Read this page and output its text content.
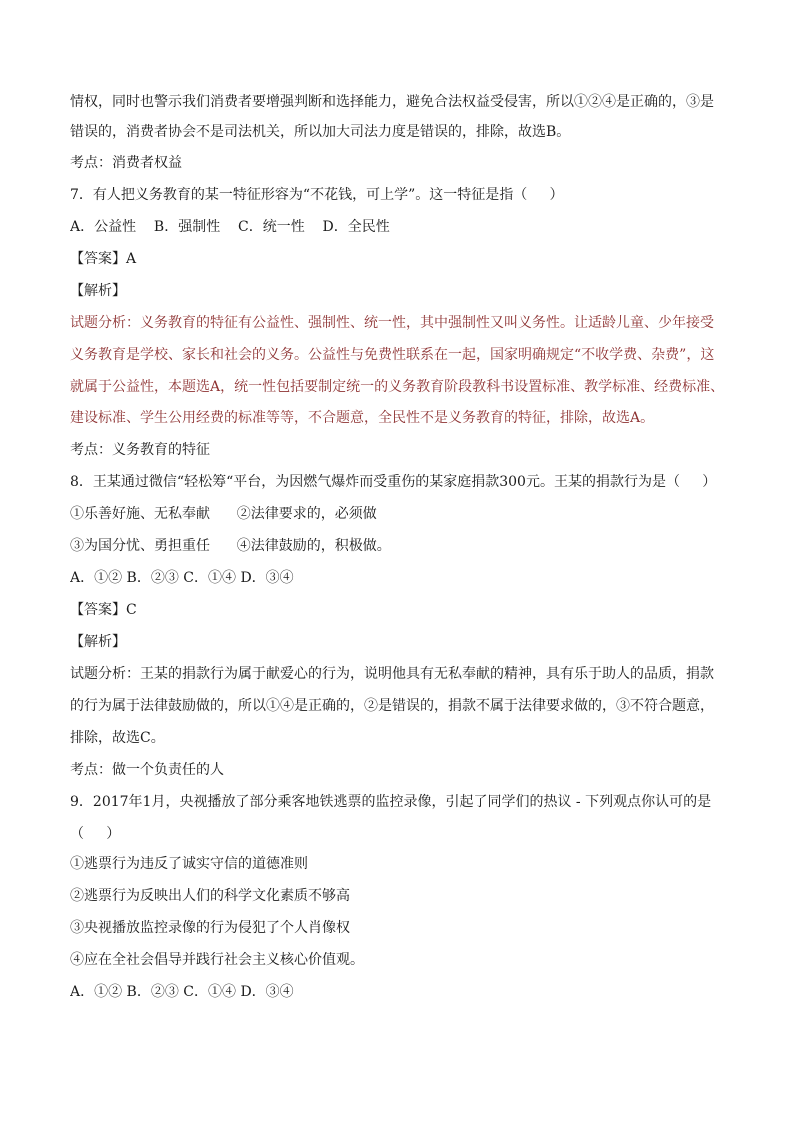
情权，同时也警示我们消费者要增强判断和选择能力，避免合法权益受侵害，所以①②④是正确的，③是
错误的，消费者协会不是司法机关，所以加大司法力度是错误的，排除，故选B。
考点：消费者权益
7．有人把义务教育的某一特征形容为“不花钱，可上学”。这一特征是指（     ）
A．公益性    B．强制性    C．统一性    D．全民性
【答案】A
【解析】
试题分析：义务教育的特征有公益性、强制性、统一性，其中强制性又叫义务性。让适龄儿童、少年接受
义务教育是学校、家长和社会的义务。公益性与免费性联系在一起，国家明确规定“不收学费、杂费”，这
就属于公益性，本题选A，统一性包括要制定统一的义务教育阶段教科书设置标准、教学标准、经费标准、
建设标准、学生公用经费的标准等等，不合题意，全民性不是义务教育的特征，排除，故选A。
考点：义务教育的特征
8．王某通过微信“轻松筹“平台，为因燃气爆炸而受重伤的某家庭捐款300元。王某的捐款行为是（     ）
①乐善好施、无私奉献      ②法律要求的，必须做
③为国分忧、勇担重任      ④法律鼓励的，积极做。
A．①② B．②③ C．①④ D．③④
【答案】C
【解析】
试题分析：王某的捐款行为属于献爱心的行为，说明他具有无私奉献的精神，具有乐于助人的品质，捐款
的行为属于法律鼓励做的，所以①④是正确的，②是错误的，捐款不属于法律要求做的，③不符合题意，
排除，故选C。
考点：做一个负责任的人
9．2017年1月，央视播放了部分乘客地铁逃票的监控录像，引起了同学们的热议 - 下列观点你认可的是
（     ）
①逃票行为违反了诚实守信的道德准则
②逃票行为反映出人们的科学文化素质不够高
③央视播放监控录像的行为侵犯了个人肖像权
④应在全社会倡导并践行社会主义核心价值观。
A．①② B．②③ C．①④ D．③④
